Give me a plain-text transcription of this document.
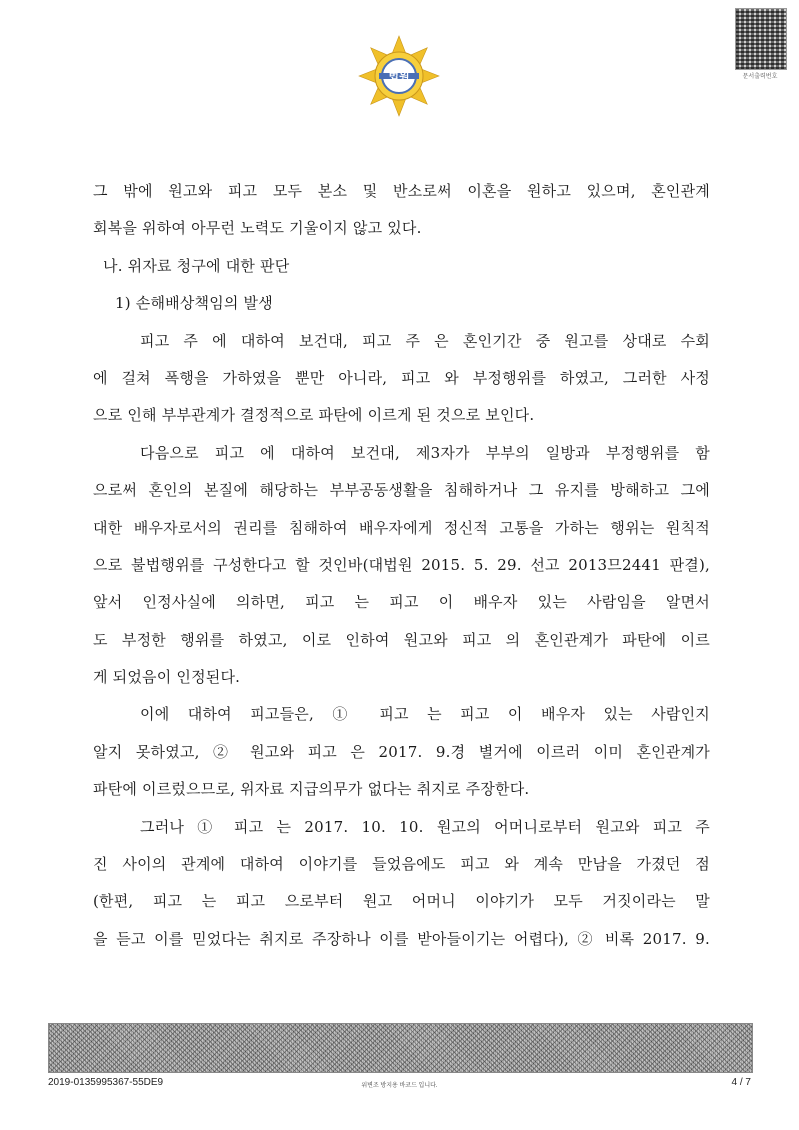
법원	문서출력번호
그 밖에 원고와 피고 모두 본소 및 반소로써 이혼을 원하고 있으며, 혼인관계
회복을 위하여 아무런 노력도 기울이지 않고 있다.
나. 위자료 청구에 대한 판단
1) 손해배상책임의 발생
피고 주 에 대하여 보건대, 피고 주 은 혼인기간 중 원고를 상대로 수회
에 걸쳐 폭행을 가하였을 뿐만 아니라, 피고 와 부정행위를 하였고, 그러한 사정
으로 인해 부부관계가 결정적으로 파탄에 이르게 된 것으로 보인다.
다음으로 피고 에 대하여 보건대, 제3자가 부부의 일방과 부정행위를 함
으로써 혼인의 본질에 해당하는 부부공동생활을 침해하거나 그 유지를 방해하고 그에
대한 배우자로서의 권리를 침해하여 배우자에게 정신적 고통을 가하는 행위는 원칙적
으로 불법행위를 구성한다고 할 것인바(대법원 2015. 5. 29. 선고 2013므2441 판결),
앞서 인정사실에 의하면, 피고 는 피고 이 배우자 있는 사람임을 알면서
도 부정한 행위를 하였고, 이로 인하여 원고와 피고 의 혼인관계가 파탄에 이르
게 되었음이 인정된다.
이에 대하여 피고들은, ① 피고 는 피고 이 배우자 있는 사람인지
알지 못하였고, ② 원고와 피고 은 2017. 9.경 별거에 이르러 이미 혼인관계가
파탄에 이르렀으므로, 위자료 지급의무가 없다는 취지로 주장한다.
그러나 ① 피고 는 2017. 10. 10. 원고의 어머니로부터 원고와 피고 주
진 사이의 관계에 대하여 이야기를 들었음에도 피고 와 계속 만남을 가졌던 점
(한편, 피고 는 피고 으로부터 원고 어머니 이야기가 모두 거짓이라는 말
을 듣고 이를 믿었다는 취지로 주장하나 이를 받아들이기는 어렵다), ② 비록 2017. 9.
2019-0135995367-55DE9	위변조 방지용 바코드 입니다.	4 / 7
